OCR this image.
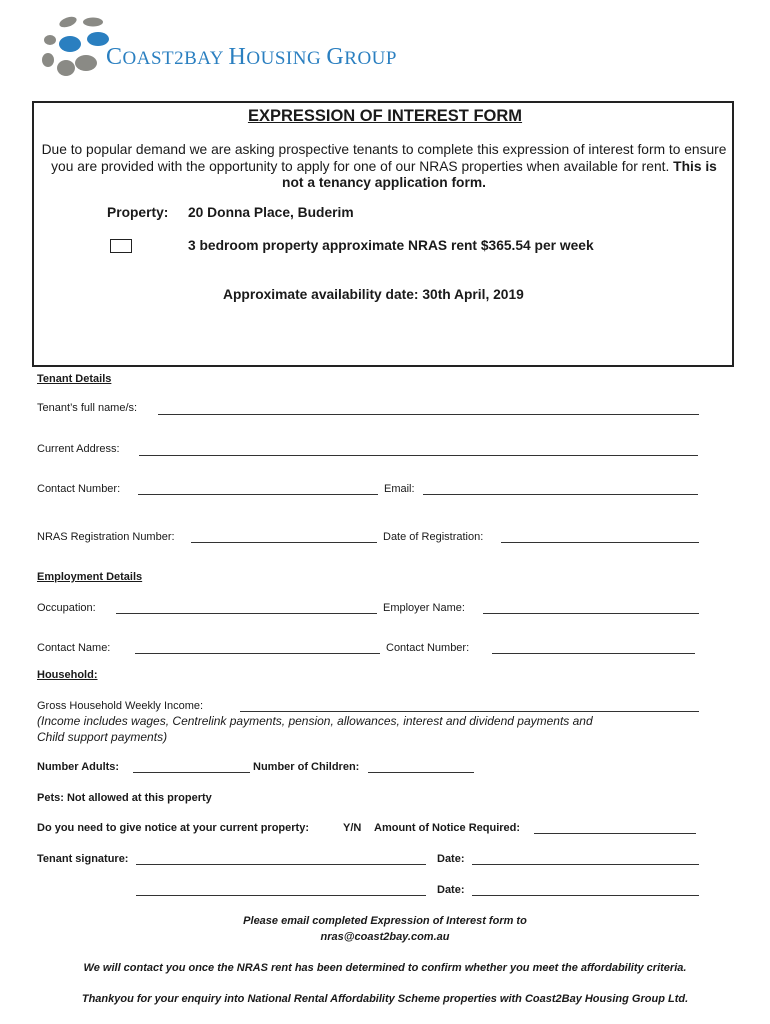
COAST2BAY HOUSING GROUP
EXPRESSION OF INTEREST FORM
Due to popular demand we are asking prospective tenants to complete this expression of interest form to ensure you are provided with the opportunity to apply for one of our NRAS properties when available for rent. This is not a tenancy application form.
Property: 20 Donna Place, Buderim
3 bedroom property approximate NRAS rent $365.54 per week
Approximate availability date: 30th April, 2019
Tenant Details
Tenant’s full name/s:
Current Address:
Contact Number:	Email:
NRAS Registration Number:	Date of Registration:
Employment Details
Occupation:	Employer Name:
Contact Name:	Contact Number:
Household:
Gross Household Weekly Income:
(Income includes wages, Centrelink payments, pension, allowances, interest and dividend payments and
Child support payments)
Number Adults:	Number of Children:
Pets: Not allowed at this property
Do you need to give notice at your current property:	Y/N Amount of Notice Required:
Tenant signature:	Date:
Date:
Please email completed Expression of Interest form to
nras@coast2bay.com.au
We will contact you once the NRAS rent has been determined to confirm whether you meet the affordability criteria.
Thankyou for your enquiry into National Rental Affordability Scheme properties with Coast2Bay Housing Group Ltd.
